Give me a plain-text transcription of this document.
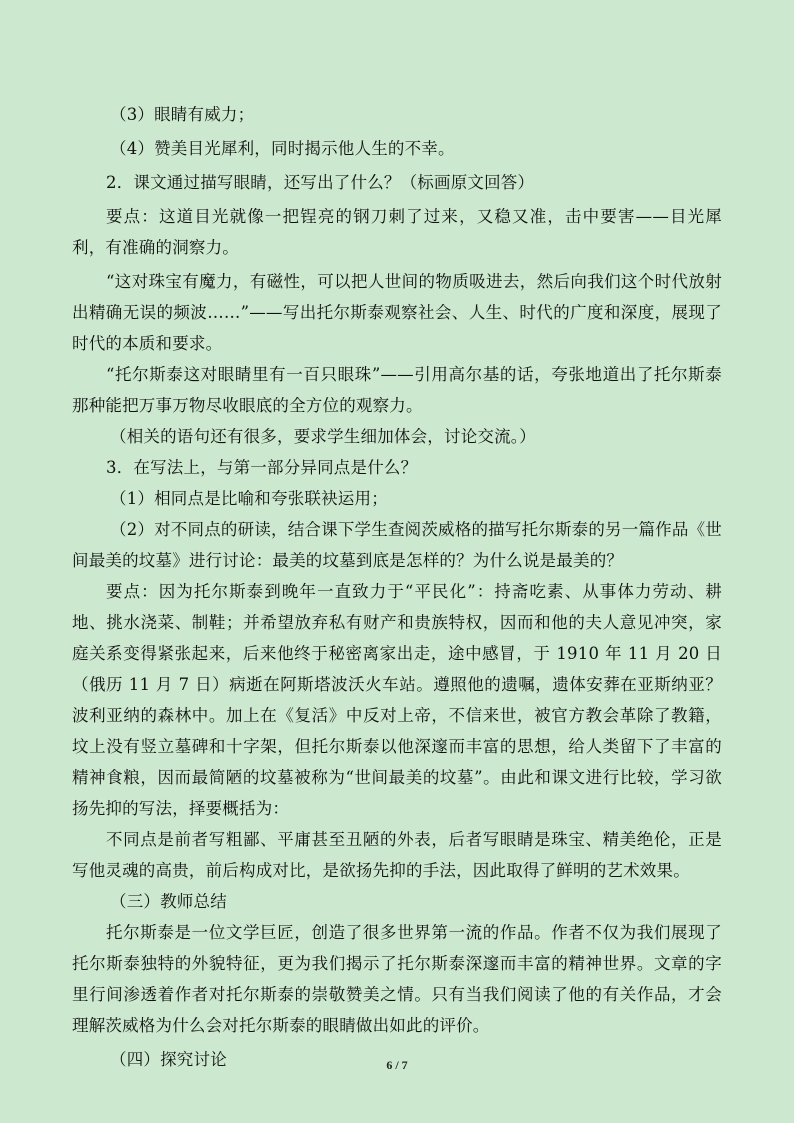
（3）眼睛有威力；

（4）赞美目光犀利，同时揭示他人生的不幸。

2．课文通过描写眼睛，还写出了什么？（标画原文回答）

要点：这道目光就像一把锃亮的钢刀刺了过来，又稳又准，击中要害——目光犀利，有准确的洞察力。

“这对珠宝有魔力，有磁性，可以把人世间的物质吸进去，然后向我们这个时代放射出精确无误的频波……”——写出托尔斯泰观察社会、人生、时代的广度和深度，展现了时代的本质和要求。

“托尔斯泰这对眼睛里有一百只眼珠”——引用高尔基的话，夸张地道出了托尔斯泰那种能把万事万物尽收眼底的全方位的观察力。

（相关的语句还有很多，要求学生细加体会，讨论交流。）

3．在写法上，与第一部分异同点是什么？

（1）相同点是比喻和夸张联袂运用；

（2）对不同点的研读，结合课下学生查阅茨威格的描写托尔斯泰的另一篇作品《世间最美的坟墓》进行讨论：最美的坟墓到底是怎样的？为什么说是最美的？

要点：因为托尔斯泰到晚年一直致力于“平民化”：持斋吃素、从事体力劳动、耕地、挑水浇菜、制鞋；并希望放弃私有财产和贵族特权，因而和他的夫人意见冲突，家庭关系变得紧张起来，后来他终于秘密离家出走，途中感冒，于 1910 年 11 月 20 日（俄历 11 月 7 日）病逝在阿斯塔波沃火车站。遵照他的遗嘱，遗体安葬在亚斯纳亚？波利亚纳的森林中。加上在《复活》中反对上帝，不信来世，被官方教会革除了教籍，坟上没有竖立墓碑和十字架，但托尔斯泰以他深邃而丰富的思想，给人类留下了丰富的精神食粮，因而最简陋的坟墓被称为“世间最美的坟墓”。由此和课文进行比较，学习欲扬先抑的写法，择要概括为：

不同点是前者写粗鄙、平庸甚至丑陋的外表，后者写眼睛是珠宝、精美绝伦，正是写他灵魂的高贵，前后构成对比，是欲扬先抑的手法，因此取得了鲜明的艺术效果。

（三）教师总结

托尔斯泰是一位文学巨匠，创造了很多世界第一流的作品。作者不仅为我们展现了托尔斯泰独特的外貌特征，更为我们揭示了托尔斯泰深邃而丰富的精神世界。文章的字里行间渗透着作者对托尔斯泰的崇敬赞美之情。只有当我们阅读了他的有关作品，才会理解茨威格为什么会对托尔斯泰的眼睛做出如此的评价。

（四）探究讨论	6 / 7
